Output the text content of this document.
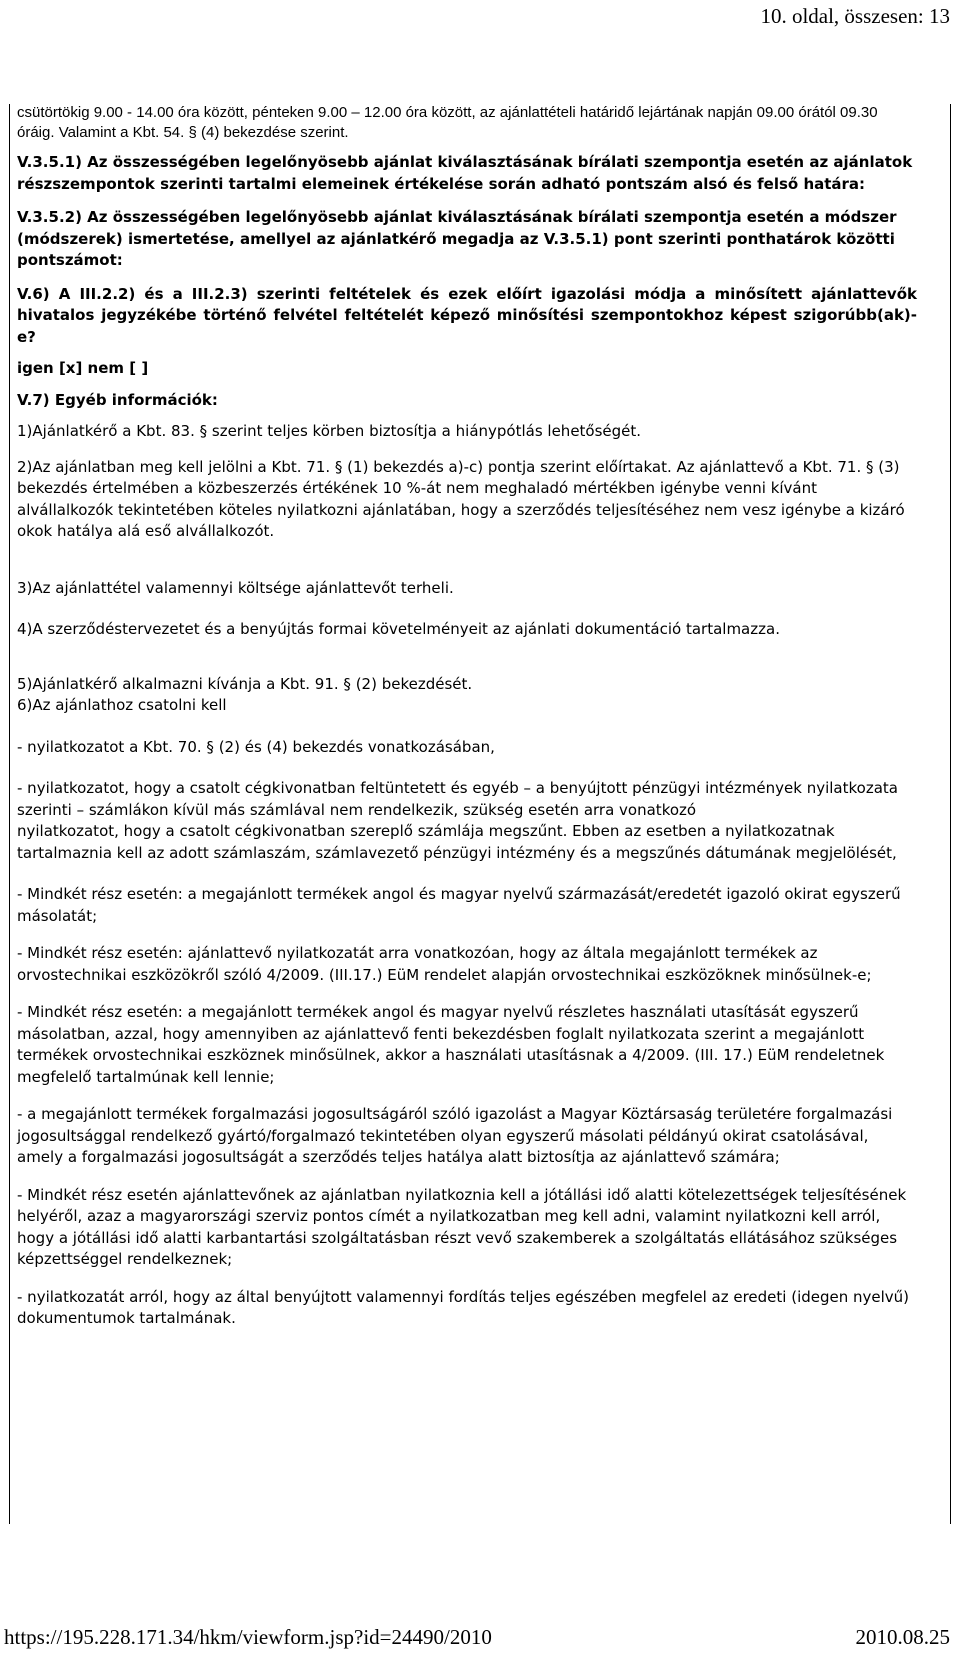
10. oldal, összesen: 13
csütörtökig 9.00 - 14.00 óra között, pénteken 9.00 – 12.00 óra között, az ajánlattételi határidő lejártának napján 09.00 órától 09.30 óráig. Valamint a Kbt. 54. § (4) bekezdése szerint.

V.3.5.1) Az összességében legelőnyösebb ajánlat kiválasztásának bírálati szempontja esetén az ajánlatok részszempontok szerinti tartalmi elemeinek értékelése során adható pontszám alsó és felső határa:

V.3.5.2) Az összességében legelőnyösebb ajánlat kiválasztásának bírálati szempontja esetén a módszer (módszerek) ismertetése, amellyel az ajánlatkérő megadja az V.3.5.1) pont szerinti ponthatárok közötti pontszámot:

V.6) A III.2.2) és a III.2.3) szerinti feltételek és ezek előírt igazolási módja a minősített ajánlattevők hivatalos jegyzékébe történő felvétel feltételét képező minősítési szempontokhoz képest szigorúbb(ak)-e?

igen [x] nem [ ]

V.7) Egyéb információk:

1)Ajánlatkérő a Kbt. 83. § szerint teljes körben biztosítja a hiánypótlás lehetőségét.

2)Az ajánlatban meg kell jelölni a Kbt. 71. § (1) bekezdés a)-c) pontja szerint előírtakat. Az ajánlattevő a Kbt. 71. § (3) bekezdés értelmében a közbeszerzés értékének 10 %-át nem meghaladó mértékben igénybe venni kívánt alvállalkozók tekintetében köteles nyilatkozni ajánlatában, hogy a szerződés teljesítéséhez nem vesz igénybe a kizáró okok hatálya alá eső alvállalkozót.

3)Az ajánlattétel valamennyi költsége ajánlattevőt terheli.

4)A szerződéstervezetet és a benyújtás formai követelményeit az ajánlati dokumentáció tartalmazza.

5)Ajánlatkérő alkalmazni kívánja a Kbt. 91. § (2) bekezdését.

6)Az ajánlathoz csatolni kell

- nyilatkozatot a Kbt. 70. § (2) és (4) bekezdés vonatkozásában,

- nyilatkozatot, hogy a csatolt cégkivonatban feltüntetett és egyéb – a benyújtott pénzügyi intézmények nyilatkozata szerinti – számlákon kívül más számlával nem rendelkezik, szükség esetén arra vonatkozó

nyilatkozatot, hogy a csatolt cégkivonatban szereplő számlája megszűnt. Ebben az esetben a nyilatkozatnak tartalmaznia kell az adott számlaszám, számlavezető pénzügyi intézmény és a megszűnés dátumának megjelölését,

- Mindkét rész esetén: a megajánlott termékek angol és magyar nyelvű származását/eredetét igazoló okirat egyszerű másolatát;

- Mindkét rész esetén: ajánlattevő nyilatkozatát arra vonatkozóan, hogy az általa megajánlott termékek az orvostechnikai eszközökről szóló 4/2009. (III.17.) EüM rendelet alapján orvostechnikai eszközöknek minősülnek-e;

- Mindkét rész esetén: a megajánlott termékek angol és magyar nyelvű részletes használati utasítását egyszerű másolatban, azzal, hogy amennyiben az ajánlattevő fenti bekezdésben foglalt nyilatkozata szerint a megajánlott termékek orvostechnikai eszköznek minősülnek, akkor a használati utasításnak a 4/2009. (III. 17.) EüM rendeletnek megfelelő tartalmúnak kell lennie;

- a megajánlott termékek forgalmazási jogosultságáról szóló igazolást a Magyar Köztársaság területére forgalmazási jogosultsággal rendelkező gyártó/forgalmazó tekintetében olyan egyszerű másolati példányú okirat csatolásával, amely a forgalmazási jogosultságát a szerződés teljes hatálya alatt biztosítja az ajánlattevő számára;

- Mindkét rész esetén ajánlattevőnek az ajánlatban nyilatkoznia kell a jótállási idő alatti kötelezettségek teljesítésének helyéről, azaz a magyarországi szerviz pontos címét a nyilatkozatban meg kell adni, valamint nyilatkozni kell arról, hogy a jótállási idő alatti karbantartási szolgáltatásban részt vevő szakemberek a szolgáltatás ellátásához szükséges képzettséggel rendelkeznek;

- nyilatkozatát arról, hogy az által benyújtott valamennyi fordítás teljes egészében megfelel az eredeti (idegen nyelvű) dokumentumok tartalmának.

https://195.228.171.34/hkm/viewform.jsp?id=24490/2010	2010.08.25
